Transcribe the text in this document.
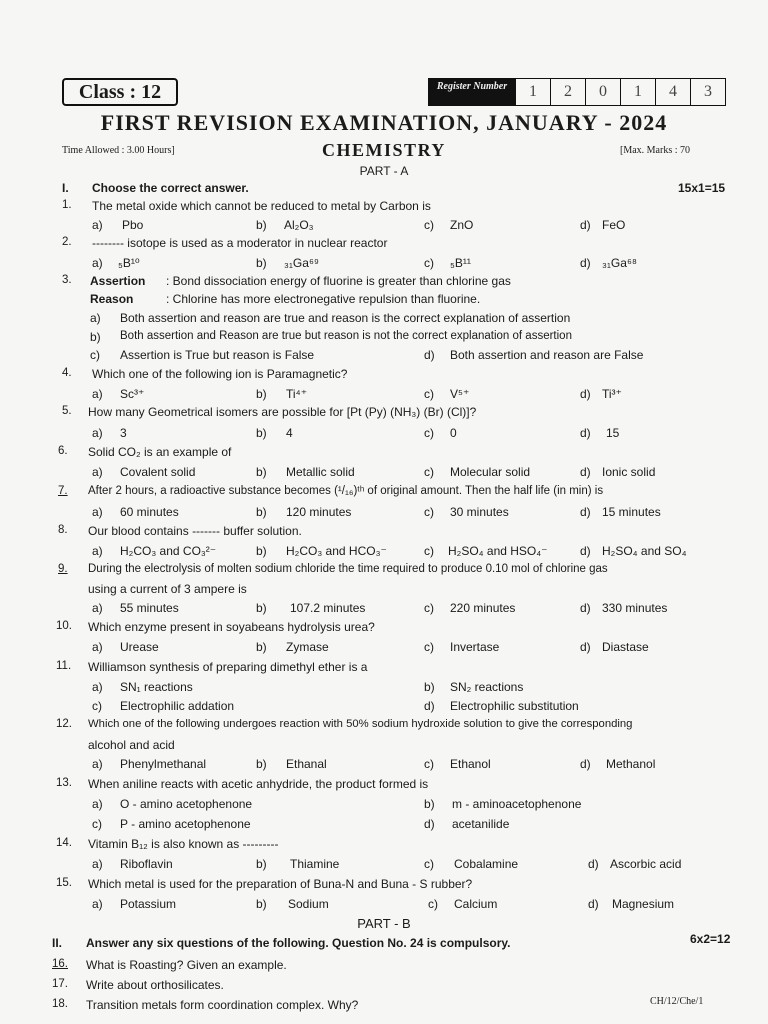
Class : 12	Register Number	1	2	0	1	4	3
FIRST REVISION EXAMINATION, JANUARY - 2024
Time Allowed : 3.00 Hours]	CHEMISTRY	[Max. Marks : 70
PART - A
I. Choose the correct answer.	15x1=15
1. The metal oxide which cannot be reduced to metal by Carbon is
a) Pbo	b) Al₂O₃	c) ZnO	d) FeO
2. -------- isotope is used as a moderator in nuclear reactor
a) ₅B¹⁰	b) ₃₁Ga⁶⁹	c) ₅B¹¹	d) ₃₁Ga⁶⁸
3. Assertion : Bond dissociation energy of fluorine is greater than chlorine gas
Reason	: Chlorine has more electronegative repulsion than fluorine.
a) Both assertion and reason are true and reason is the correct explanation of assertion
b) Both assertion and Reason are true but reason is not the correct explanation of assertion
c) Assertion is True but reason is False	d) Both assertion and reason are False
4. Which one of the following ion is Paramagnetic?
a) Sc³⁺	b) Ti⁴⁺	c) V⁵⁺	d) Ti³⁺
5. How many Geometrical isomers are possible for [Pt (Py) (NH₃) (Br) (Cl)]?
a) 3	b) 4	c) 0	d) 15
6. Solid CO₂ is an example of
a) Covalent solid	b) Metallic solid	c) Molecular solid	d) Ionic solid
7. After 2 hours, a radioactive substance becomes (¹/₁₆)ᵗʰ of original amount. Then the half life (in min) is
a) 60 minutes	b) 120 minutes	c) 30 minutes	d) 15 minutes
8. Our blood contains ------- buffer solution.
a) H₂CO₃ and CO₃²⁻	b) H₂CO₃ and HCO₃⁻	c) H₂SO₄ and HSO₄⁻	d) H₂SO₄ and SO₄
9. During the electrolysis of molten sodium chloride the time required to produce 0.10 mol of chlorine gas
using a current of 3 ampere is
a) 55 minutes	b) 107.2 minutes	c) 220 minutes	d) 330 minutes
10. Which enzyme present in soyabeans hydrolysis urea?
a) Urease	b) Zymase	c) Invertase	d) Diastase
11. Williamson synthesis of preparing dimethyl ether is a
a) SN₁ reactions	b) SN₂ reactions
c) Electrophilic addation	d) Electrophilic substitution
12. Which one of the following undergoes reaction with 50% sodium hydroxide solution to give the corresponding
alcohol and acid
a) Phenylmethanal	b) Ethanal	c) Ethanol	d) Methanol
13. When aniline reacts with acetic anhydride, the product formed is
a) O - amino acetophenone	b) m - aminoacetophenone
c) P - amino acetophenone	d) acetanilide
14. Vitamin B₁₂ is also known as ---------
a) Riboflavin	b) Thiamine	c) Cobalamine	d) Ascorbic acid
15. Which metal is used for the preparation of Buna-N and Buna - S rubber?
a) Potassium	b) Sodium	c) Calcium	d) Magnesium
PART - B
II. Answer any six questions of the following. Question No. 24 is compulsory.	6x2=12
16. What is Roasting? Given an example.
17. Write about orthosilicates.
18. Transition metals form coordination complex. Why?	CH/12/Che/1
